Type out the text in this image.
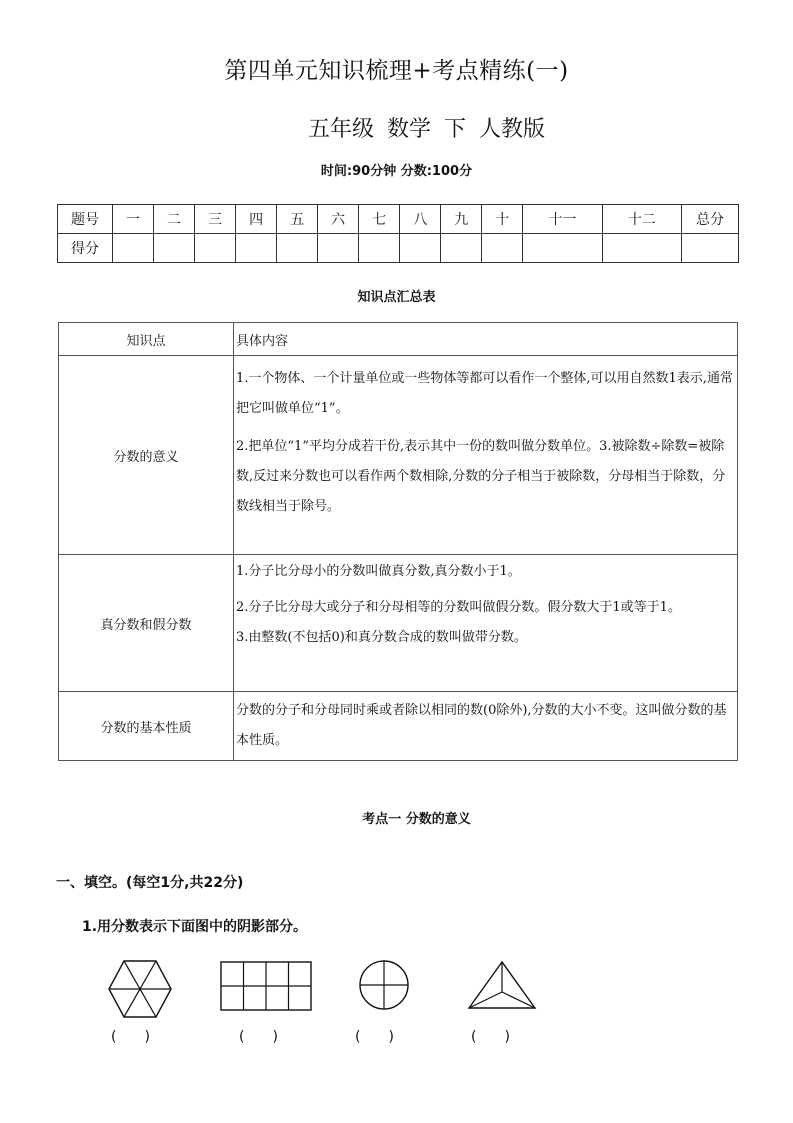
第四单元知识梳理+考点精练(一)
五年级 数学 下 人教版
时间:90分钟 分数:100分
题号	一	二	三	四	五	六	七	八	九	十	十一	十二	总分
得分													
知识点汇总表
知识点	具体内容
分数的意义	1.一个物体、一个计量单位或一些物体等都可以看作一个整体,可以用自然数1表示,通常把它叫做单位“1”。

2.把单位“1”平均分成若干份,表示其中一份的数叫做分数单位。3.被除数÷除数=被除数,反过来分数也可以看作两个数相除,分数的分子相当于被除数，分母相当于除数，分数线相当于除号。

真分数和假分数	1.分子比分母小的分数叫做真分数,真分数小于1。

2.分子比分母大或分子和分母相等的分数叫做假分数。假分数大于1或等于1。

3.由整数(不包括0)和真分数合成的数叫做带分数。

分数的基本性质	分数的分子和分母同时乘或者除以相同的数(0除外),分数的大小不变。这叫做分数的基本性质。

考点一 分数的意义
一、填空。(每空1分,共22分)
1.用分数表示下面图中的阴影部分。
(　　)	(　　)	(　　)	(　　)
